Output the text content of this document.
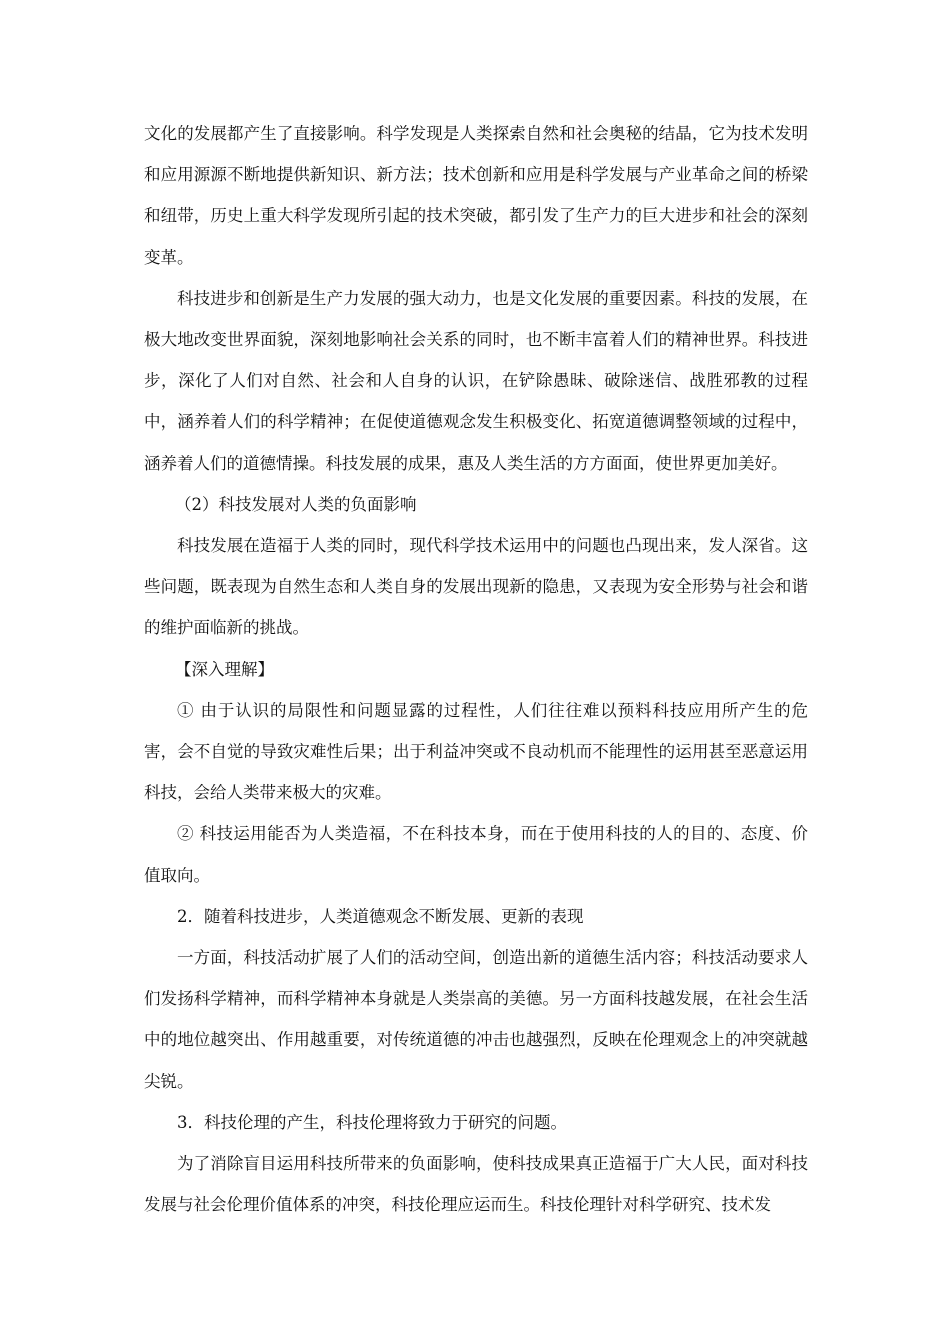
文化的发展都产生了直接影响。科学发现是人类探索自然和社会奥秘的结晶，它为技术发明和应用源源不断地提供新知识、新方法；技术创新和应用是科学发展与产业革命之间的桥梁和纽带，历史上重大科学发现所引起的技术突破，都引发了生产力的巨大进步和社会的深刻变革。

科技进步和创新是生产力发展的强大动力，也是文化发展的重要因素。科技的发展，在极大地改变世界面貌，深刻地影响社会关系的同时，也不断丰富着人们的精神世界。科技进步，深化了人们对自然、社会和人自身的认识，在铲除愚昧、破除迷信、战胜邪教的过程中，涵养着人们的科学精神；在促使道德观念发生积极变化、拓宽道德调整领域的过程中，涵养着人们的道德情操。科技发展的成果，惠及人类生活的方方面面，使世界更加美好。

（2）科技发展对人类的负面影响

科技发展在造福于人类的同时，现代科学技术运用中的问题也凸现出来，发人深省。这些问题，既表现为自然生态和人类自身的发展出现新的隐患，又表现为安全形势与社会和谐的维护面临新的挑战。

【深入理解】

① 由于认识的局限性和问题显露的过程性，人们往往难以预料科技应用所产生的危害，会不自觉的导致灾难性后果；出于利益冲突或不良动机而不能理性的运用甚至恶意运用科技，会给人类带来极大的灾难。

② 科技运用能否为人类造福，不在科技本身，而在于使用科技的人的目的、态度、价值取向。

2．随着科技进步，人类道德观念不断发展、更新的表现

一方面，科技活动扩展了人们的活动空间，创造出新的道德生活内容；科技活动要求人们发扬科学精神，而科学精神本身就是人类崇高的美德。另一方面科技越发展，在社会生活中的地位越突出、作用越重要，对传统道德的冲击也越强烈，反映在伦理观念上的冲突就越尖锐。

3．科技伦理的产生，科技伦理将致力于研究的问题。

为了消除盲目运用科技所带来的负面影响，使科技成果真正造福于广大人民，面对科技发展与社会伦理价值体系的冲突，科技伦理应运而生。科技伦理针对科学研究、技术发
